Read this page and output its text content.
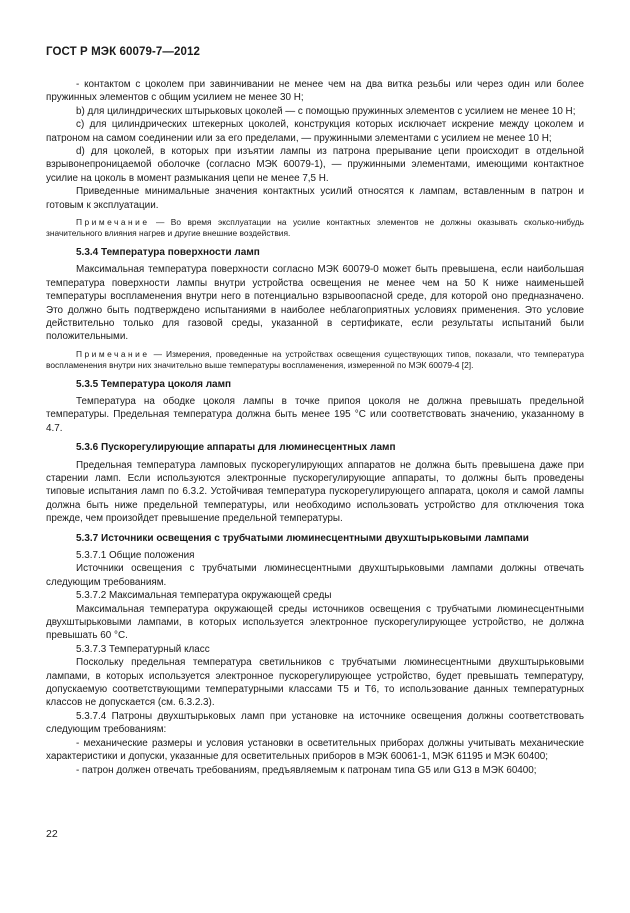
ГОСТ Р МЭК 60079-7—2012

- контактом с цоколем при завинчивании не менее чем на два витка резьбы или через один или более пружинных элементов с общим усилием не менее 30 Н;

b) для цилиндрических штырьковых цоколей — с помощью пружинных элементов с усилием не менее 10 Н;

c) для цилиндрических штекерных цоколей, конструкция которых исключает искрение между цоколем и патроном на самом соединении или за его пределами, — пружинными элементами с усилием не менее 10 Н;

d) для цоколей, в которых при изъятии лампы из патрона прерывание цепи происходит в отдельной взрывонепроницаемой оболочке (согласно МЭК 60079-1), — пружинными элементами, имеющими контактное усилие на цоколь в момент размыкания цепи не менее 7,5 Н.

Приведенные минимальные значения контактных усилий относятся к лампам, вставленным в патрон и готовым к эксплуатации.

Примечание — Во время эксплуатации на усилие контактных элементов не должны оказывать сколько-нибудь значительного влияния нагрев и другие внешние воздействия.

5.3.4 Температура поверхности ламп

Максимальная температура поверхности согласно МЭК 60079-0 может быть превышена, если наибольшая температура поверхности лампы внутри устройства освещения не менее чем на 50 К ниже наименьшей температуры воспламенения внутри него в потенциально взрывоопасной среде, для которой оно предназначено. Это должно быть подтверждено испытаниями в наиболее неблагоприятных условиях применения. Это условие действительно только для газовой среды, указанной в сертификате, если результаты испытаний были положительными.

Примечание — Измерения, проведенные на устройствах освещения существующих типов, показали, что температура воспламенения внутри них значительно выше температуры воспламенения, измеренной по МЭК 60079-4 [2].

5.3.5 Температура цоколя ламп

Температура на ободке цоколя лампы в точке припоя цоколя не должна превышать предельной температуры. Предельная температура должна быть менее 195 °С или соответствовать значению, указанному в 4.7.

5.3.6 Пускорегулирующие аппараты для люминесцентных ламп

Предельная температура ламповых пускорегулирующих аппаратов не должна быть превышена даже при старении ламп. Если используются электронные пускорегулирующие аппараты, то должны быть проведены типовые испытания ламп по 6.3.2. Устойчивая температура пускорегулирующего аппарата, цоколя и самой лампы должна быть ниже предельной температуры, или необходимо использовать устройство для отключения тока прежде, чем произойдет превышение предельной температуры.

5.3.7 Источники освещения с трубчатыми люминесцентными двухштырьковыми лампами

5.3.7.1 Общие положения

Источники освещения с трубчатыми люминесцентными двухштырьковыми лампами должны отвечать следующим требованиям.

5.3.7.2 Максимальная температура окружающей среды

Максимальная температура окружающей среды источников освещения с трубчатыми люминесцентными двухштырьковыми лампами, в которых используется электронное пускорегулирующее устройство, не должна превышать 60 °С.

5.3.7.3 Температурный класс

Поскольку предельная температура светильников с трубчатыми люминесцентными двухштырьковыми лампами, в которых используется электронное пускорегулирующее устройство, будет превышать температуру, допускаемую соответствующими температурными классами Т5 и Т6, то использование данных температурных классов не допускается (см. 6.3.2.3).

5.3.7.4 Патроны двухштырьковых ламп при установке на источнике освещения должны соответствовать следующим требованиям:

- механические размеры и условия установки в осветительных приборах должны учитывать механические характеристики и допуски, указанные для осветительных приборов в МЭК 60061-1, МЭК 61195 и МЭК 60400;

- патрон должен отвечать требованиям, предъявляемым к патронам типа G5 или G13 в МЭК 60400;

22
